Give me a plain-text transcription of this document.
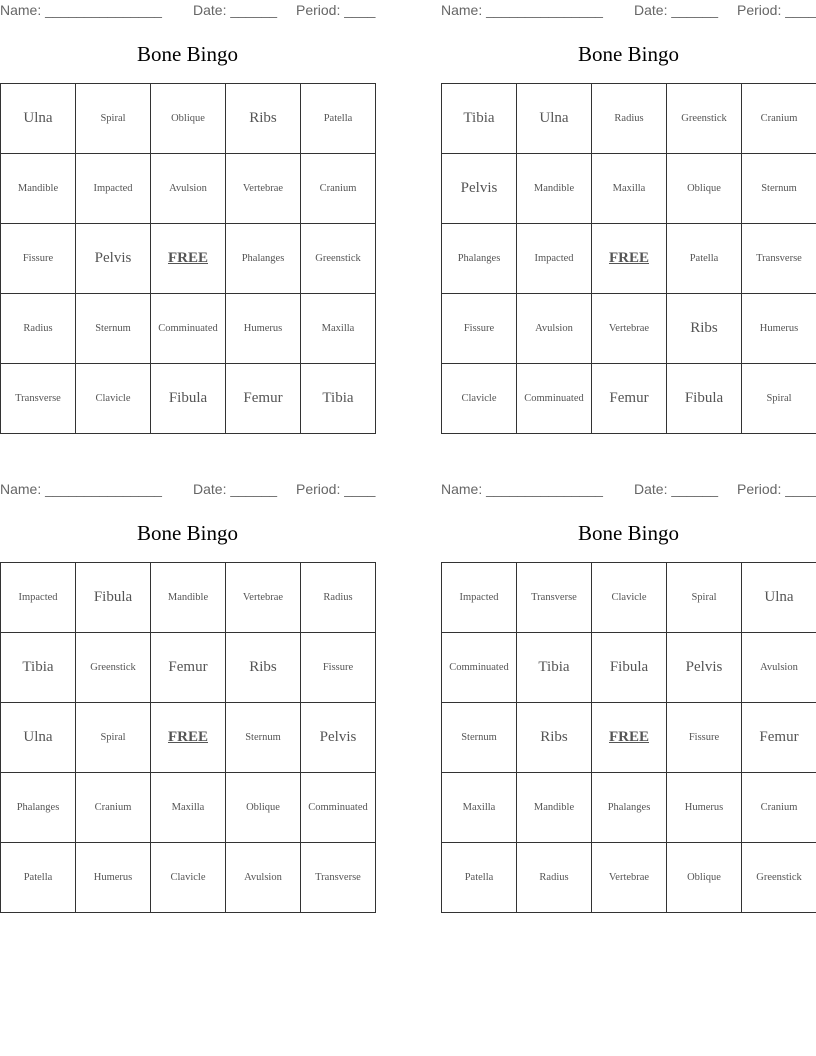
Name: _______________

Date: ______

Period: ____

Bone Bingo
Ulna	Spiral	Oblique	Ribs	Patella
Mandible	Impacted	Avulsion	Vertebrae	Cranium
Fissure	Pelvis	FREE	Phalanges	Greenstick
Radius	Sternum	Comminuated	Humerus	Maxilla
Transverse	Clavicle	Fibula	Femur	Tibia

Name: _______________

Date: ______

Period: ____

Bone Bingo
Tibia	Ulna	Radius	Greenstick	Cranium
Pelvis	Mandible	Maxilla	Oblique	Sternum
Phalanges	Impacted	FREE	Patella	Transverse
Fissure	Avulsion	Vertebrae	Ribs	Humerus
Clavicle	Comminuated	Femur	Fibula	Spiral

Name: _______________

Date: ______

Period: ____

Bone Bingo
Impacted	Fibula	Mandible	Vertebrae	Radius
Tibia	Greenstick	Femur	Ribs	Fissure
Ulna	Spiral	FREE	Sternum	Pelvis
Phalanges	Cranium	Maxilla	Oblique	Comminuated
Patella	Humerus	Clavicle	Avulsion	Transverse

Name: _______________

Date: ______

Period: ____

Bone Bingo
Impacted	Transverse	Clavicle	Spiral	Ulna
Comminuated	Tibia	Fibula	Pelvis	Avulsion
Sternum	Ribs	FREE	Fissure	Femur
Maxilla	Mandible	Phalanges	Humerus	Cranium
Patella	Radius	Vertebrae	Oblique	Greenstick
